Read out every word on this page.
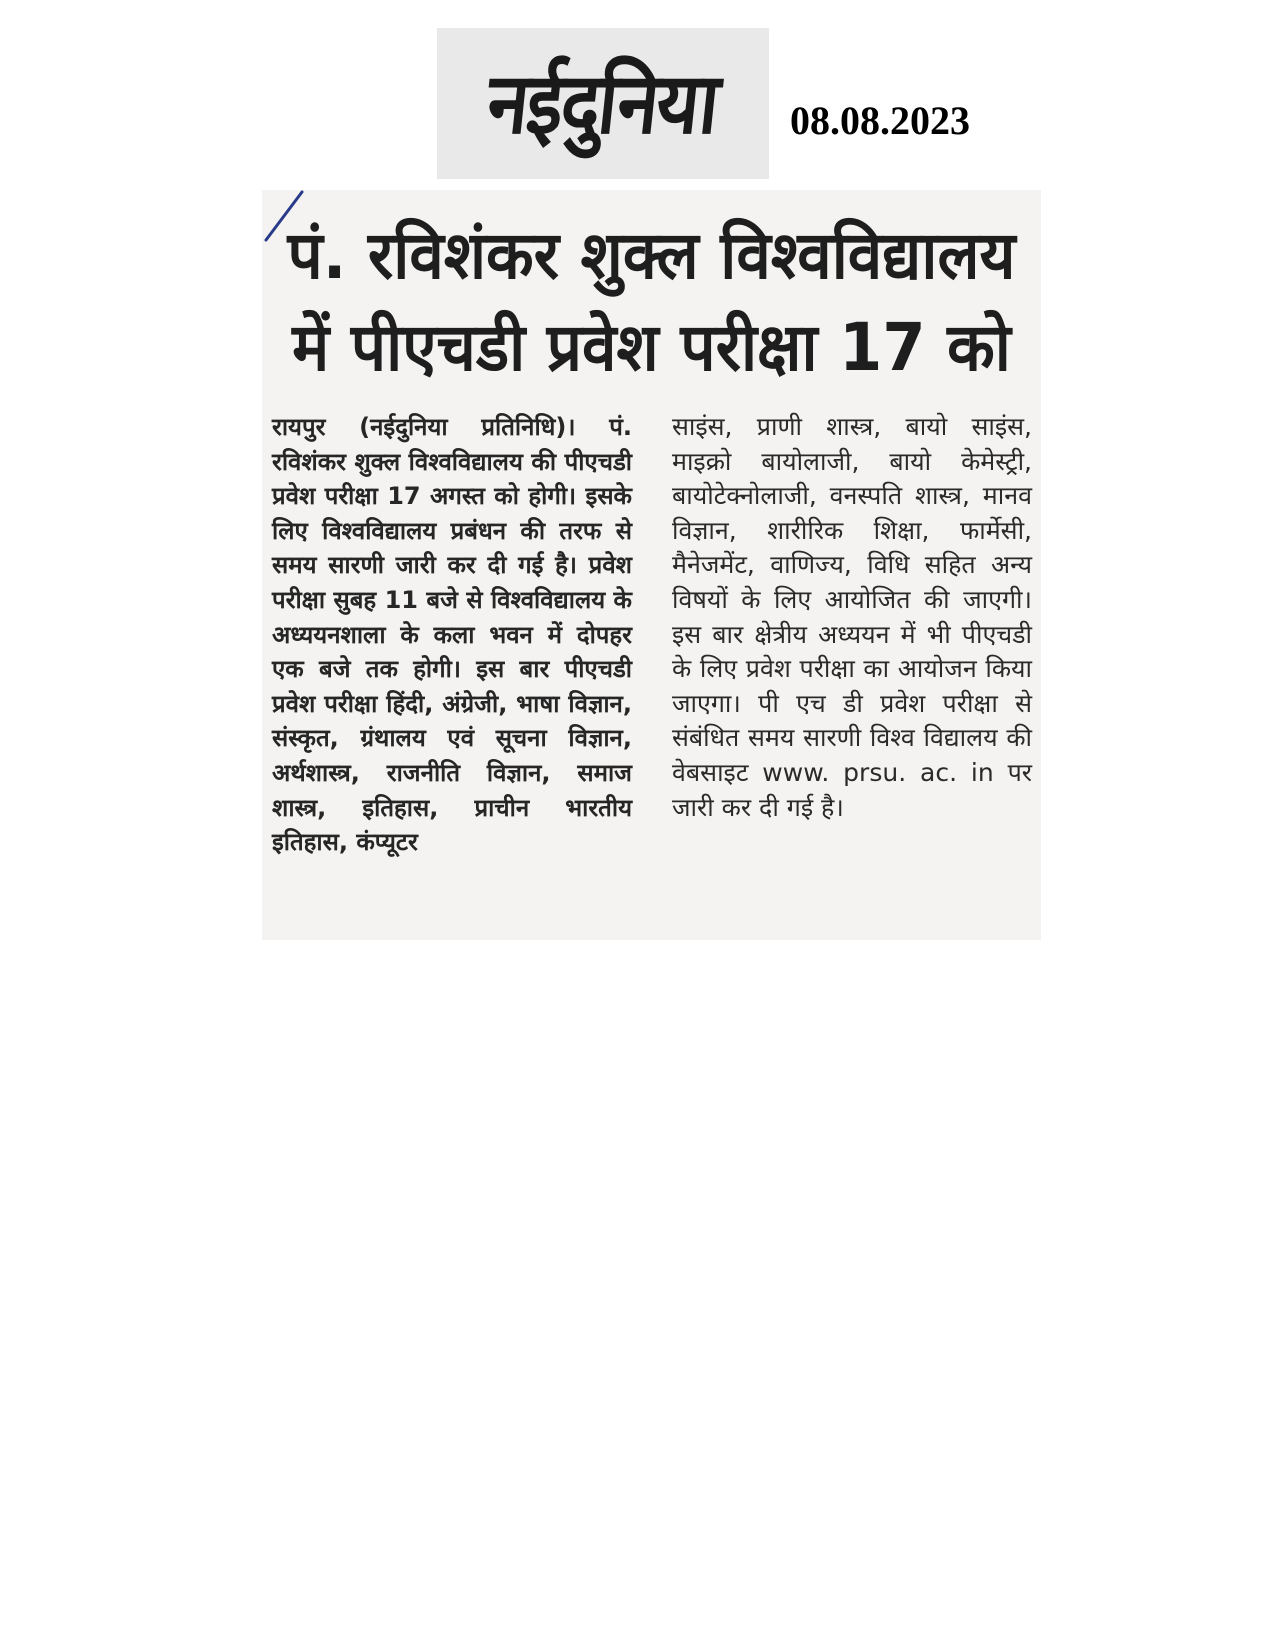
नईदुनिया 08.08.2023
पं. रविशंकर शुक्ल विश्वविद्यालय
में पीएचडी प्रवेश परीक्षा 17 को
रायपुर (नईदुनिया प्रतिनिधि)। पं. रविशंकर शुक्ल विश्वविद्यालय की पीएचडी प्रवेश परीक्षा 17 अगस्त को होगी। इसके लिए विश्वविद्यालय प्रबंधन की तरफ से समय सारणी जारी कर दी गई है। प्रवेश परीक्षा सुबह 11 बजे से विश्वविद्यालय के अध्ययनशाला के कला भवन में दोपहर एक बजे तक होगी। इस बार पीएचडी प्रवेश परीक्षा हिंदी, अंग्रेजी, भाषा विज्ञान, संस्कृत, ग्रंथालय एवं सूचना विज्ञान, अर्थशास्त्र, राजनीति विज्ञान, समाज शास्त्र, इतिहास, प्राचीन भारतीय इतिहास, कंप्यूटर
साइंस, प्राणी शास्त्र, बायो साइंस, माइक्रो बायोलाजी, बायो केमेस्ट्री, बायोटेक्नोलाजी, वनस्पति शास्त्र, मानव विज्ञान, शारीरिक शिक्षा, फार्मेसी, मैनेजमेंट, वाणिज्य, विधि सहित अन्य विषयों के लिए आयोजित की जाएगी। इस बार क्षेत्रीय अध्ययन में भी पीएचडी के लिए प्रवेश परीक्षा का आयोजन किया जाएगा। पी एच डी प्रवेश परीक्षा से संबंधित समय सारणी विश्व विद्यालय की वेबसाइट www. prsu. ac. in पर जारी कर दी गई है।
